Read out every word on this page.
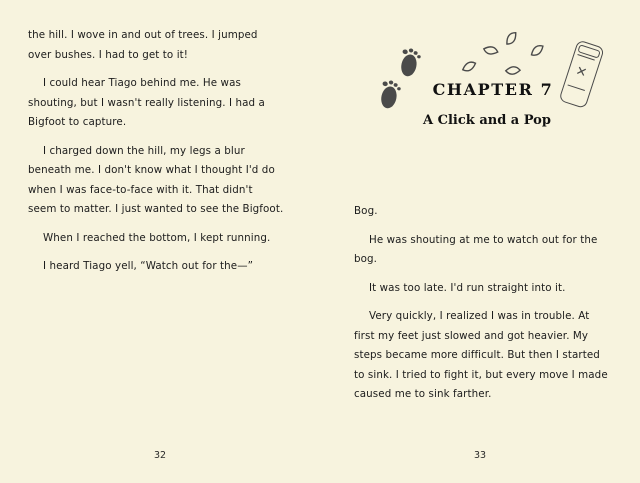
the hill. I wove in and out of trees. I jumped over bushes. I had to get to it!

I could hear Tiago behind me. He was shouting, but I wasn't really listening. I had a Bigfoot to capture.

I charged down the hill, my legs a blur beneath me. I don't know what I thought I'd do when I was face-to-face with it. That didn't seem to matter. I just wanted to see the Bigfoot.

When I reached the bottom, I kept running.

I heard Tiago yell, “Watch out for the—”

32
✕
CHAPTER 7
A Click and a Pop

Bog.

He was shouting at me to watch out for the bog.

It was too late. I'd run straight into it.

Very quickly, I realized I was in trouble. At first my feet just slowed and got heavier. My steps became more difficult. But then I started to sink. I tried to fight it, but every move I made caused me to sink farther.

33
